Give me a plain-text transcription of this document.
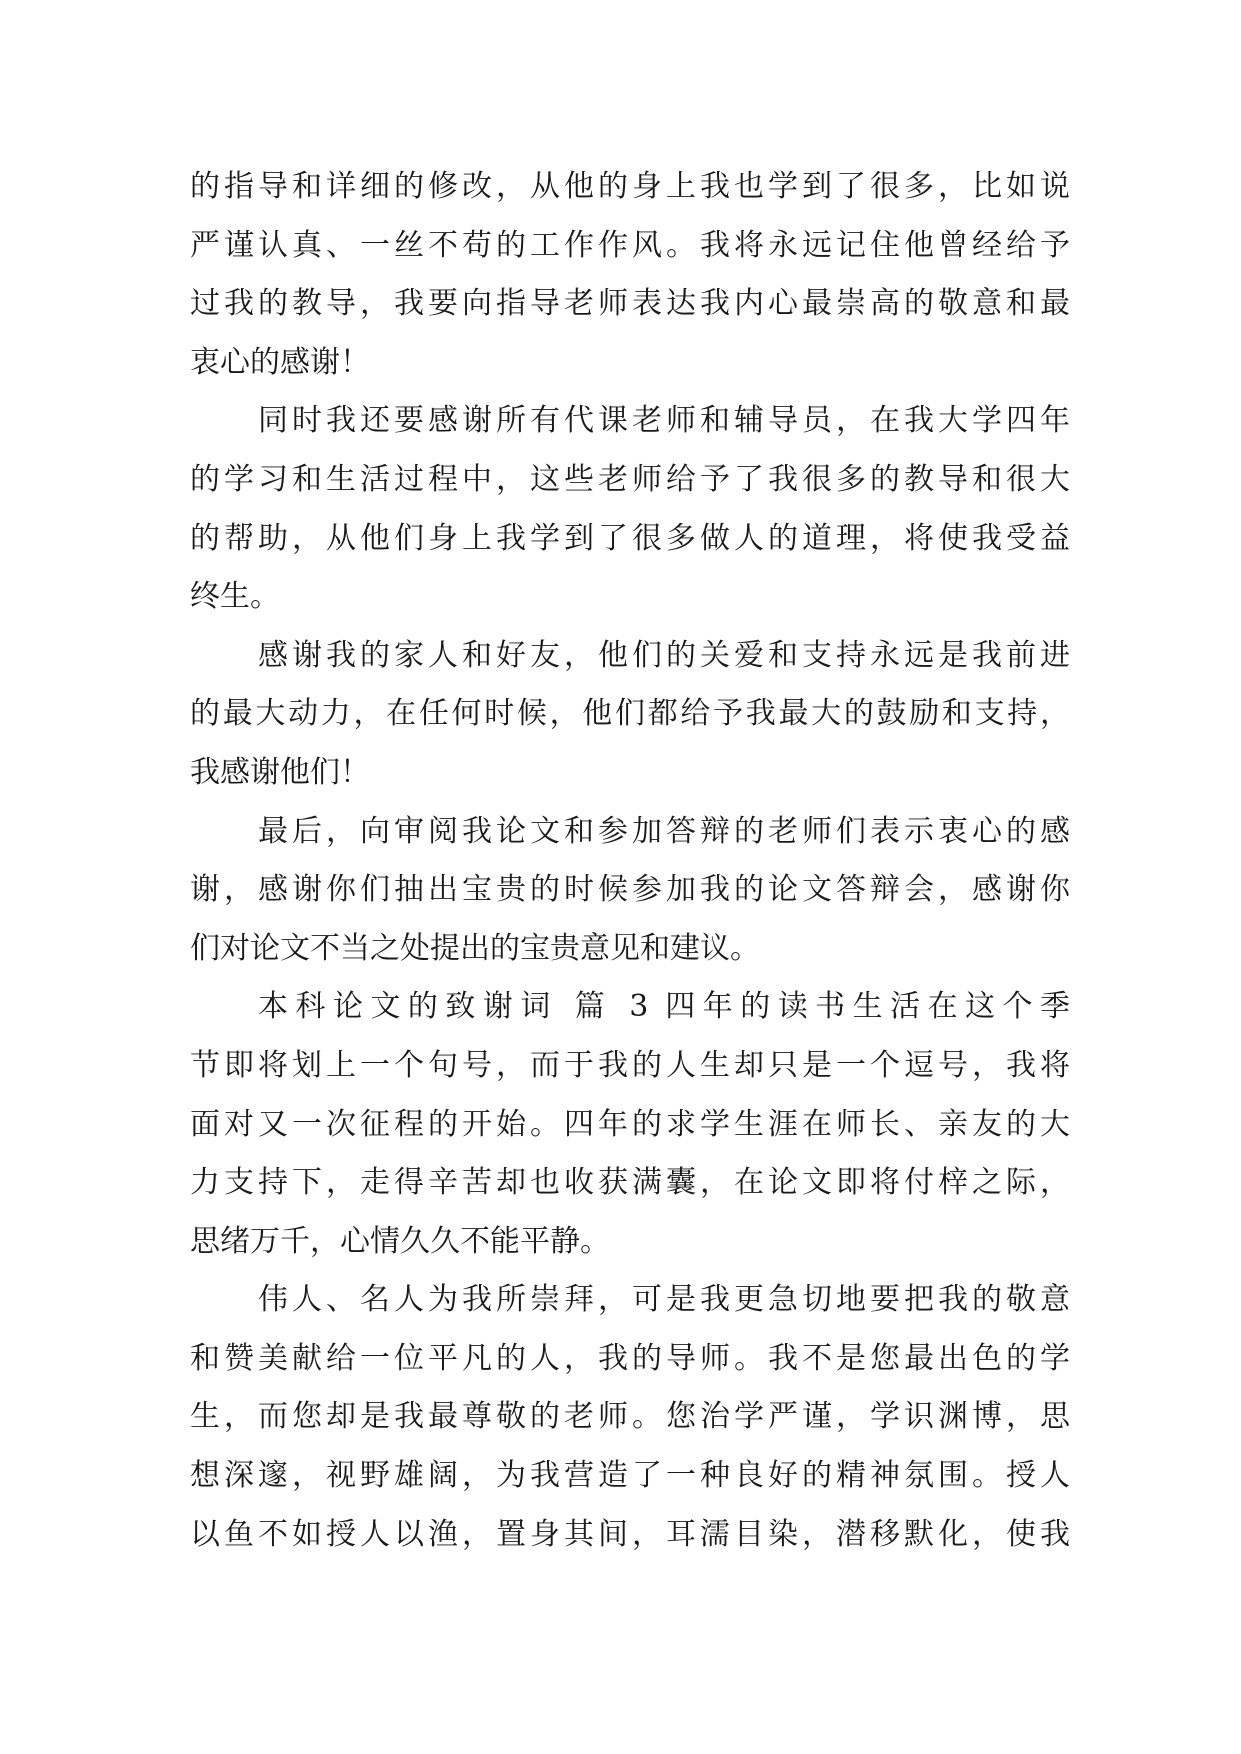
的指导和详细的修改，从他的身上我也学到了很多，比如说
严谨认真、一丝不苟的工作作风。我将永远记住他曾经给予
过我的教导，我要向指导老师表达我内心最崇高的敬意和最
衷心的感谢！
同时我还要感谢所有代课老师和辅导员，在我大学四年
的学习和生活过程中，这些老师给予了我很多的教导和很大
的帮助，从他们身上我学到了很多做人的道理，将使我受益
终生。
感谢我的家人和好友，他们的关爱和支持永远是我前进
的最大动力，在任何时候，他们都给予我最大的鼓励和支持，
我感谢他们！
最后，向审阅我论文和参加答辩的老师们表示衷心的感
谢，感谢你们抽出宝贵的时候参加我的论文答辩会，感谢你
们对论文不当之处提出的宝贵意见和建议。
本科论文的致谢词 篇 3 四年的读书生活在这个季
节即将划上一个句号，而于我的人生却只是一个逗号，我将
面对又一次征程的开始。四年的求学生涯在师长、亲友的大
力支持下，走得辛苦却也收获满囊，在论文即将付梓之际，
思绪万千，心情久久不能平静。
伟人、名人为我所崇拜，可是我更急切地要把我的敬意
和赞美献给一位平凡的人，我的导师。我不是您最出色的学
生，而您却是我最尊敬的老师。您治学严谨，学识渊博，思
想深邃，视野雄阔，为我营造了一种良好的精神氛围。授人
以鱼不如授人以渔，置身其间，耳濡目染，潜移默化，使我
